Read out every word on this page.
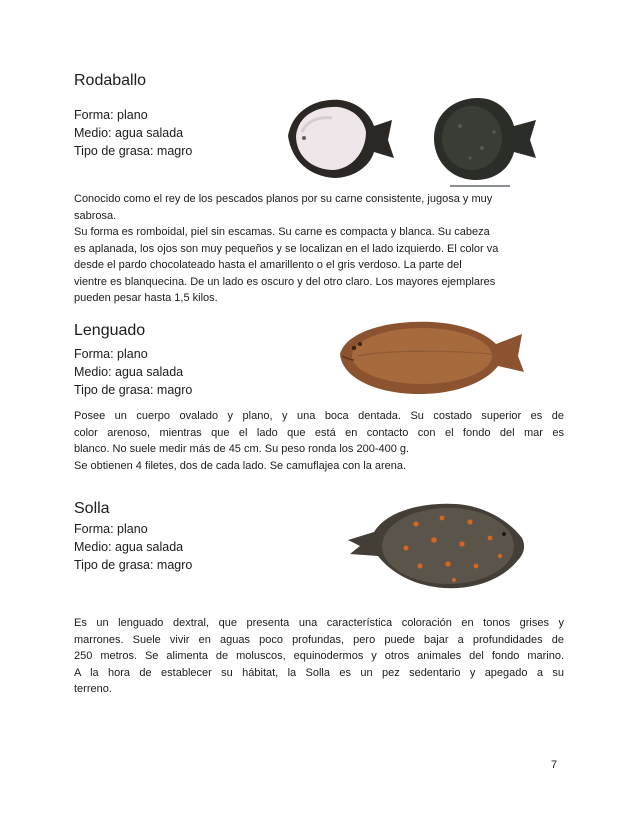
Rodaballo
Forma: plano
Medio: agua salada
Tipo de grasa: magro
Conocido como el rey de los pescados planos por su carne consistente, jugosa y muy
sabrosa.
Su forma es romboidal, piel sin escamas. Su carne es compacta y blanca. Su cabeza
es aplanada, los ojos son muy pequeños y se localizan en el lado izquierdo. El color va
desde el pardo chocolateado hasta el amarillento o el gris verdoso. La parte del
vientre es blanquecina. De un lado es oscuro y del otro claro. Los mayores ejemplares
pueden pesar hasta 1,5 kilos.
Lenguado
Forma: plano
Medio: agua salada
Tipo de grasa: magro
Posee un cuerpo ovalado y plano, y una boca dentada. Su costado superior es de
color arenoso, mientras que el lado que está en contacto con el fondo del mar es
blanco. No suele medir más de 45 cm. Su peso ronda los 200-400 g.
Se obtienen 4 filetes, dos de cada lado. Se camuflajea con la arena.
Solla
Forma: plano
Medio: agua salada
Tipo de grasa: magro
Es un lenguado dextral, que presenta una característica coloración en tonos grises y
marrones. Suele vivir en aguas poco profundas, pero puede bajar a profundidades de
250 metros. Se alimenta de moluscos, equinodermos y otros animales del fondo marino.
A la hora de establecer su hábitat, la Solla es un pez sedentario y apegado a su
terreno.
7
